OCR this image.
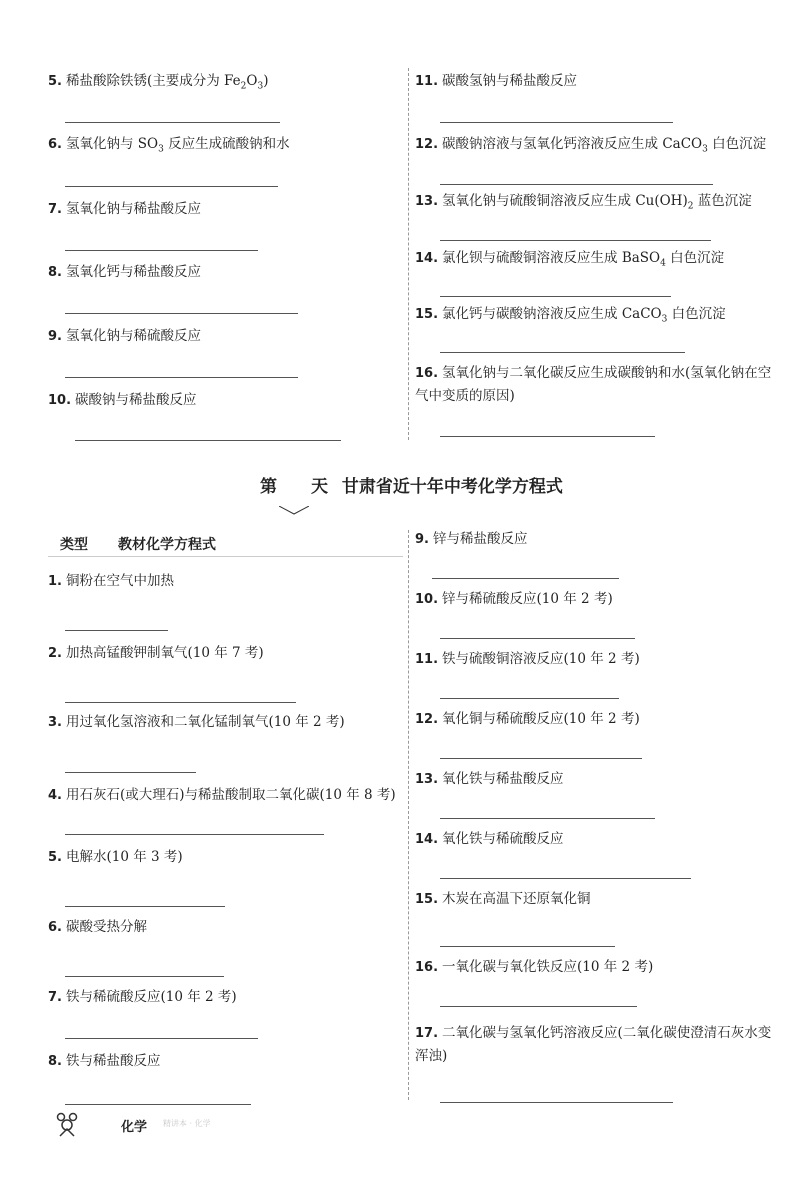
5. 稀盐酸除铁锈(主要成分为 $Fe_2O_3$)
6. 氢氧化钠与 $SO_3$ 反应生成硫酸钠和水
7. 氢氧化钠与稀盐酸反应
8. 氢氧化钙与稀盐酸反应
9. 氢氧化钠与稀硫酸反应
10. 碳酸钠与稀盐酸反应
11. 碳酸氢钠与稀盐酸反应
12. 碳酸钠溶液与氢氧化钙溶液反应生成 CaCO$_3$ 白色沉淀
13. 氢氧化钠与硫酸铜溶液反应生成 $Cu(OH)_2$ 蓝色沉淀
14. 氯化钡与硫酸铜溶液反应生成 BaSO$_4$ 白色沉淀
15. 氯化钙与碳酸钠溶液反应生成 CaCO$_3$ 白色沉淀
16. 氢氧化钠与二氧化碳反应生成碳酸钠和水(氢氧化钠在空气中变质的原因)
第 天 甘肃省近十年中考化学方程式
类型 教材化学方程式
1. 铜粉在空气中加热
2. 加热高锰酸钾制氧气(10 年 7 考)
3. 用过氧化氢溶液和二氧化锰制氧气(10 年 2 考)
4. 用石灰石(或大理石)与稀盐酸制取二氧化碳(10 年 8 考)
5. 电解水(10 年 3 考)
6. 碳酸受热分解
7. 铁与稀硫酸反应(10 年 2 考)
8. 铁与稀盐酸反应
9. 锌与稀盐酸反应
10. 锌与稀硫酸反应(10 年 2 考)
11. 铁与硫酸铜溶液反应(10 年 2 考)
12. 氧化铜与稀硫酸反应(10 年 2 考)
13. 氧化铁与稀盐酸反应
14. 氧化铁与稀硫酸反应
15. 木炭在高温下还原氧化铜
16. 一氧化碳与氧化铁反应(10 年 2 考)
17. 二氧化碳与氢氧化钙溶液反应(二氧化碳使澄清石灰水变浑浊)
化学 精讲本 · 化学
